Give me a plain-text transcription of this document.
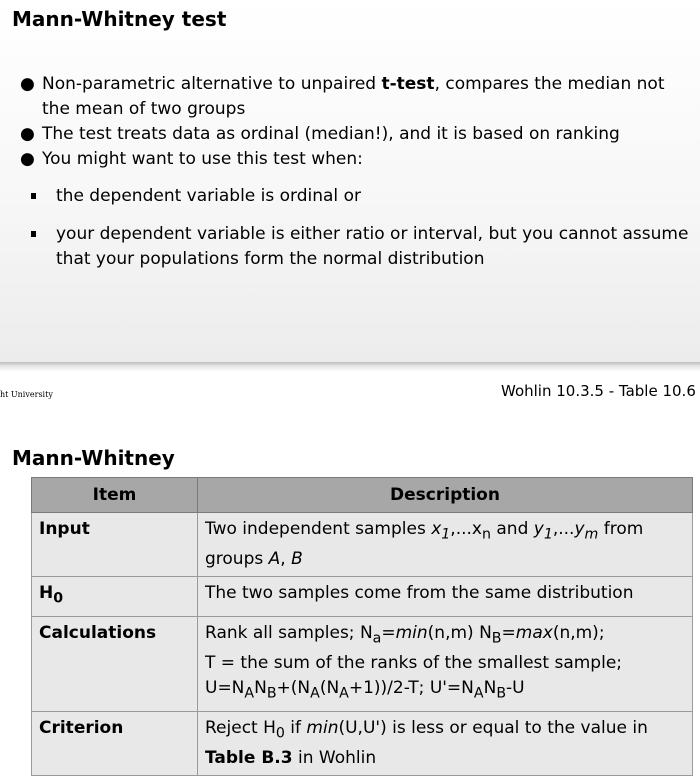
Mann-Whitney test
● Non-parametric alternative to unpaired t-test, compares the median not the mean of two groups
● The test treats data as ordinal (median!), and it is based on ranking
● You might want to use this test when:
the dependent variable is ordinal or
your dependent variable is either ratio or interval, but you cannot assume that your populations form the normal distribution
ht University	Wohlin 10.3.5 - Table 10.6
Mann-Whitney
Item	Description
Input	Two independent samples $x_1,...x_n$ and $y_1,...y_m$ from groups A, B
$H_0$	The two samples come from the same distribution
Calculations	Rank all samples; $N_a=\min(n,m)$ $N_B=\max(n,m)$;
T = the sum of the ranks of the smallest sample;
$U=N_AN_B+(N_A(N_A+1))/2-T$; $U'=N_AN_B-U$
Criterion	Reject $H_0$ if min(U,U') is less or equal to the value in Table B.3 in Wohlin
